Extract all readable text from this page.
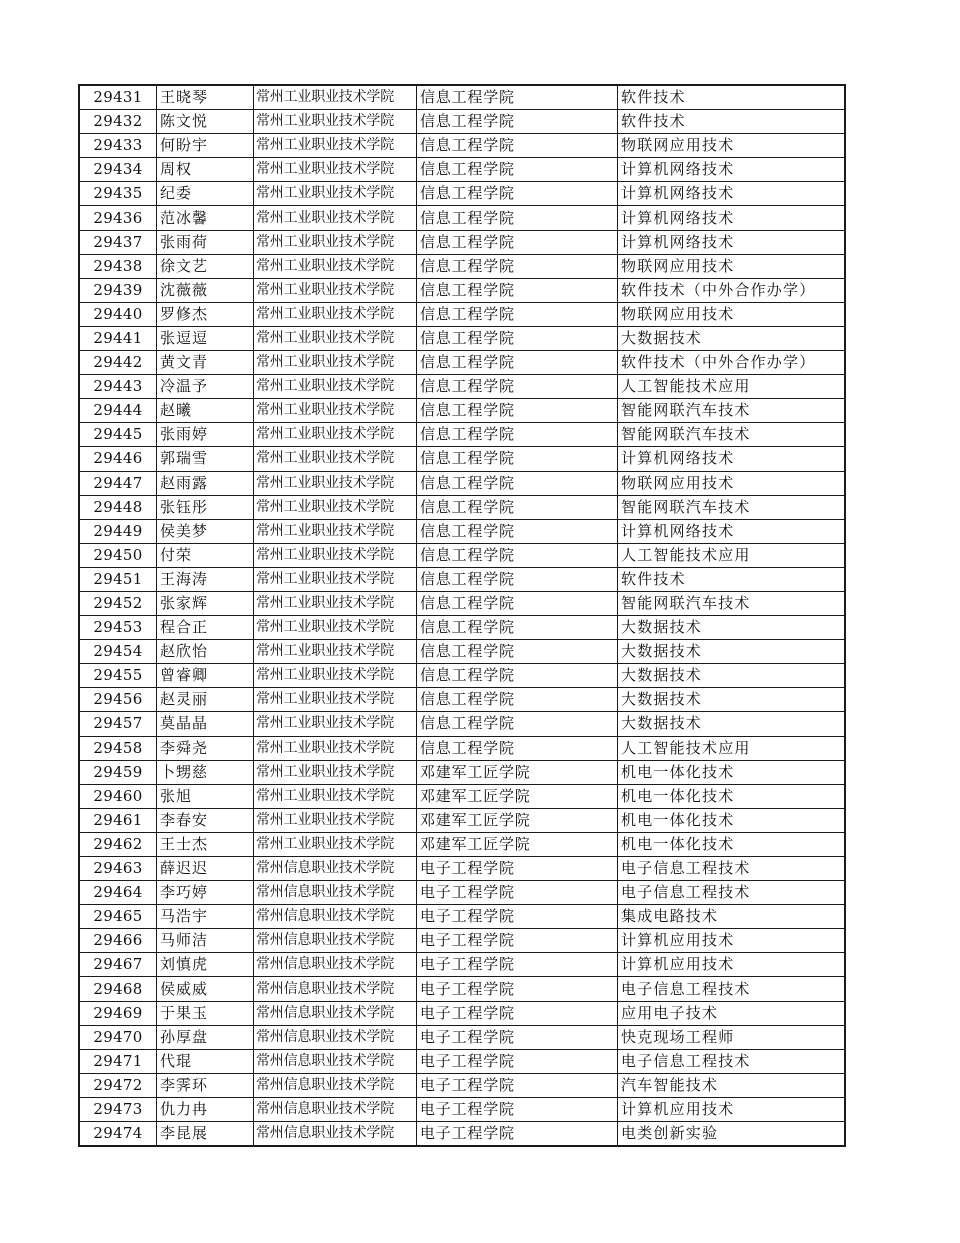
29431	王晓琴	常州工业职业技术学院	信息工程学院	软件技术
29432	陈文悦	常州工业职业技术学院	信息工程学院	软件技术
29433	何盼宇	常州工业职业技术学院	信息工程学院	物联网应用技术
29434	周权	常州工业职业技术学院	信息工程学院	计算机网络技术
29435	纪委	常州工业职业技术学院	信息工程学院	计算机网络技术
29436	范冰馨	常州工业职业技术学院	信息工程学院	计算机网络技术
29437	张雨荷	常州工业职业技术学院	信息工程学院	计算机网络技术
29438	徐文艺	常州工业职业技术学院	信息工程学院	物联网应用技术
29439	沈薇薇	常州工业职业技术学院	信息工程学院	软件技术（中外合作办学）
29440	罗修杰	常州工业职业技术学院	信息工程学院	物联网应用技术
29441	张逗逗	常州工业职业技术学院	信息工程学院	大数据技术
29442	黄文青	常州工业职业技术学院	信息工程学院	软件技术（中外合作办学）
29443	冷温予	常州工业职业技术学院	信息工程学院	人工智能技术应用
29444	赵曦	常州工业职业技术学院	信息工程学院	智能网联汽车技术
29445	张雨婷	常州工业职业技术学院	信息工程学院	智能网联汽车技术
29446	郭瑞雪	常州工业职业技术学院	信息工程学院	计算机网络技术
29447	赵雨露	常州工业职业技术学院	信息工程学院	物联网应用技术
29448	张钰彤	常州工业职业技术学院	信息工程学院	智能网联汽车技术
29449	侯美梦	常州工业职业技术学院	信息工程学院	计算机网络技术
29450	付荣	常州工业职业技术学院	信息工程学院	人工智能技术应用
29451	王海涛	常州工业职业技术学院	信息工程学院	软件技术
29452	张家辉	常州工业职业技术学院	信息工程学院	智能网联汽车技术
29453	程合正	常州工业职业技术学院	信息工程学院	大数据技术
29454	赵欣怡	常州工业职业技术学院	信息工程学院	大数据技术
29455	曾睿卿	常州工业职业技术学院	信息工程学院	大数据技术
29456	赵灵丽	常州工业职业技术学院	信息工程学院	大数据技术
29457	莫晶晶	常州工业职业技术学院	信息工程学院	大数据技术
29458	李舜尧	常州工业职业技术学院	信息工程学院	人工智能技术应用
29459	卜甥慈	常州工业职业技术学院	邓建军工匠学院	机电一体化技术
29460	张旭	常州工业职业技术学院	邓建军工匠学院	机电一体化技术
29461	李春安	常州工业职业技术学院	邓建军工匠学院	机电一体化技术
29462	王士杰	常州工业职业技术学院	邓建军工匠学院	机电一体化技术
29463	薛迟迟	常州信息职业技术学院	电子工程学院	电子信息工程技术
29464	李巧婷	常州信息职业技术学院	电子工程学院	电子信息工程技术
29465	马浩宇	常州信息职业技术学院	电子工程学院	集成电路技术
29466	马师洁	常州信息职业技术学院	电子工程学院	计算机应用技术
29467	刘慎虎	常州信息职业技术学院	电子工程学院	计算机应用技术
29468	侯威威	常州信息职业技术学院	电子工程学院	电子信息工程技术
29469	于果玉	常州信息职业技术学院	电子工程学院	应用电子技术
29470	孙厚盘	常州信息职业技术学院	电子工程学院	快克现场工程师
29471	代琨	常州信息职业技术学院	电子工程学院	电子信息工程技术
29472	李霁环	常州信息职业技术学院	电子工程学院	汽车智能技术
29473	仇力冉	常州信息职业技术学院	电子工程学院	计算机应用技术
29474	李昆展	常州信息职业技术学院	电子工程学院	电类创新实验
